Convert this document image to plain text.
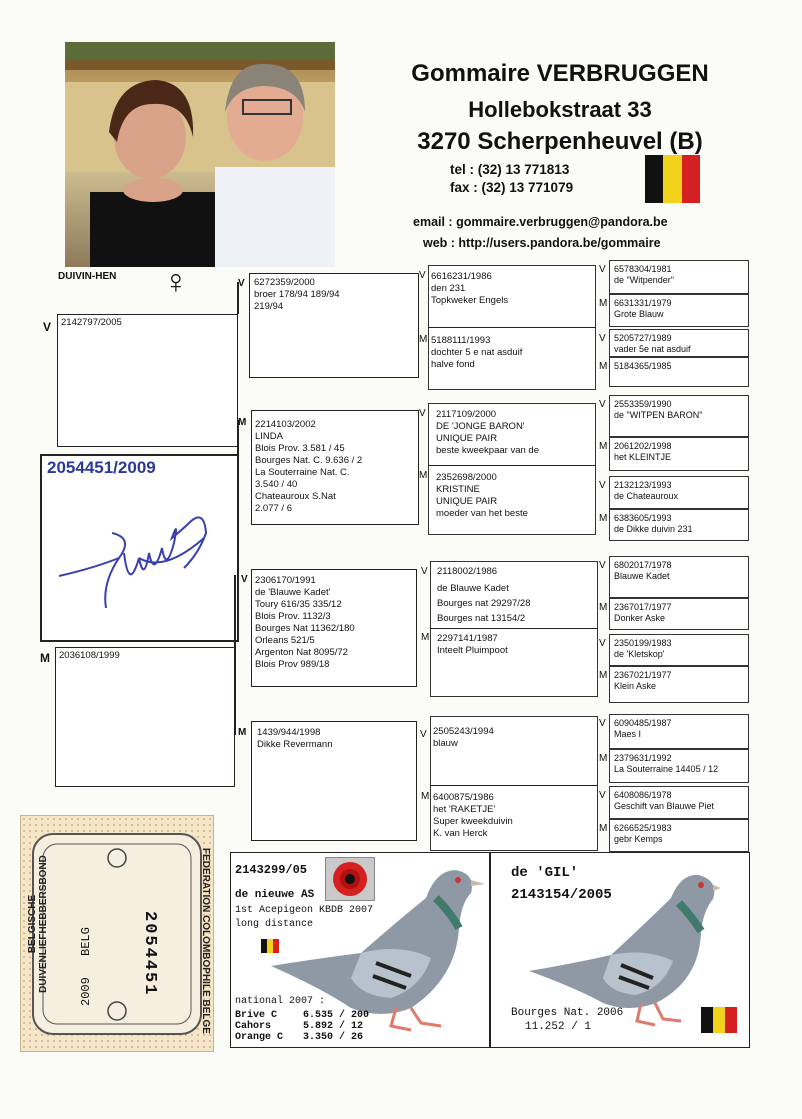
Gommaire VERBRUGGEN
Hollebokstraat 33
3270 Scherpenheuvel (B)
tel : (32) 13 771813
fax : (32) 13 771079
email : gommaire.verbruggen@pandora.be
web : http://users.pandora.be/gommaire
DUIVIN-HEN ♀
V	2142797/2005
2054451/2009
M 2036108/1999
V 6272359/2000
broer 178/94 189/94
219/94
M 2214103/2002
LINDA
Blois Prov. 3.581 / 45
Bourges Nat. C. 9.636 / 2
La Souterraine Nat. C.
3.540 / 40
Chateauroux S.Nat
2.077 / 6
V 2306170/1991
de 'Blauwe Kadet'
Toury 616/35 335/12
Blois Prov. 1132/3
Bourges Nat 11362/180
Orleans 521/5
Argenton Nat 8095/72
Blois Prov 989/18
M 1439/944/1998
Dikke Revermann
V 6616231/1986
den 231
Topkweker Engels
M 5188111/1993
dochter 5 e nat asduif
halve fond
V 2117109/2000
DE 'JONGE BARON'
UNIQUE PAIR
beste kweekpaar van de
M 2352698/2000
KRISTINE
UNIQUE PAIR
moeder van het beste
V 2118002/1986
de Blauwe Kadet
Bourges nat 29297/28
Bourges nat 13154/2
M 2297141/1987
Inteelt Pluimpoot
V 2505243/1994
blauw
M 6400875/1986
het 'RAKETJE'
Super kweekduivin
K. van Herck
V 6578304/1981
de "Witpender"
M 6631331/1979
Grote Blauw
V 5205727/1989
vader 5e nat asduif
M 5184365/1985
V 2553359/1990
de "WITPEN BARON"
M 2061202/1998
het KLEINTJE
V 2132123/1993
de Chateauroux
M 6383605/1993
de Dikke duivin 231
V 6802017/1978
Blauwe Kadet
M 2367017/1977
Donker Aske
V 2350199/1983
de 'Kletskop'
M 2367021/1977
Klein Aske
V 6090485/1987
Maes I
M 2379631/1992
La Souterraine 14405 / 12
V 6408086/1978
Geschift van Blauwe Piet
M 6266525/1983
gebr Kemps
BELGISCHE DUIVENLIEFHEBBERSBOND	FEDERATION COLOMBOPHILE BELGE
BELG
2009	2054451
2143299/05
de nieuwe AS
1st Acepigeon KBDB 2007
long distance
national 2007 :
Brive C	6.535 / 200
Cahors	5.892 / 12
Orange C	3.350 / 26
de 'GIL'
2143154/2005
Bourges Nat. 2006
11.252 / 1
